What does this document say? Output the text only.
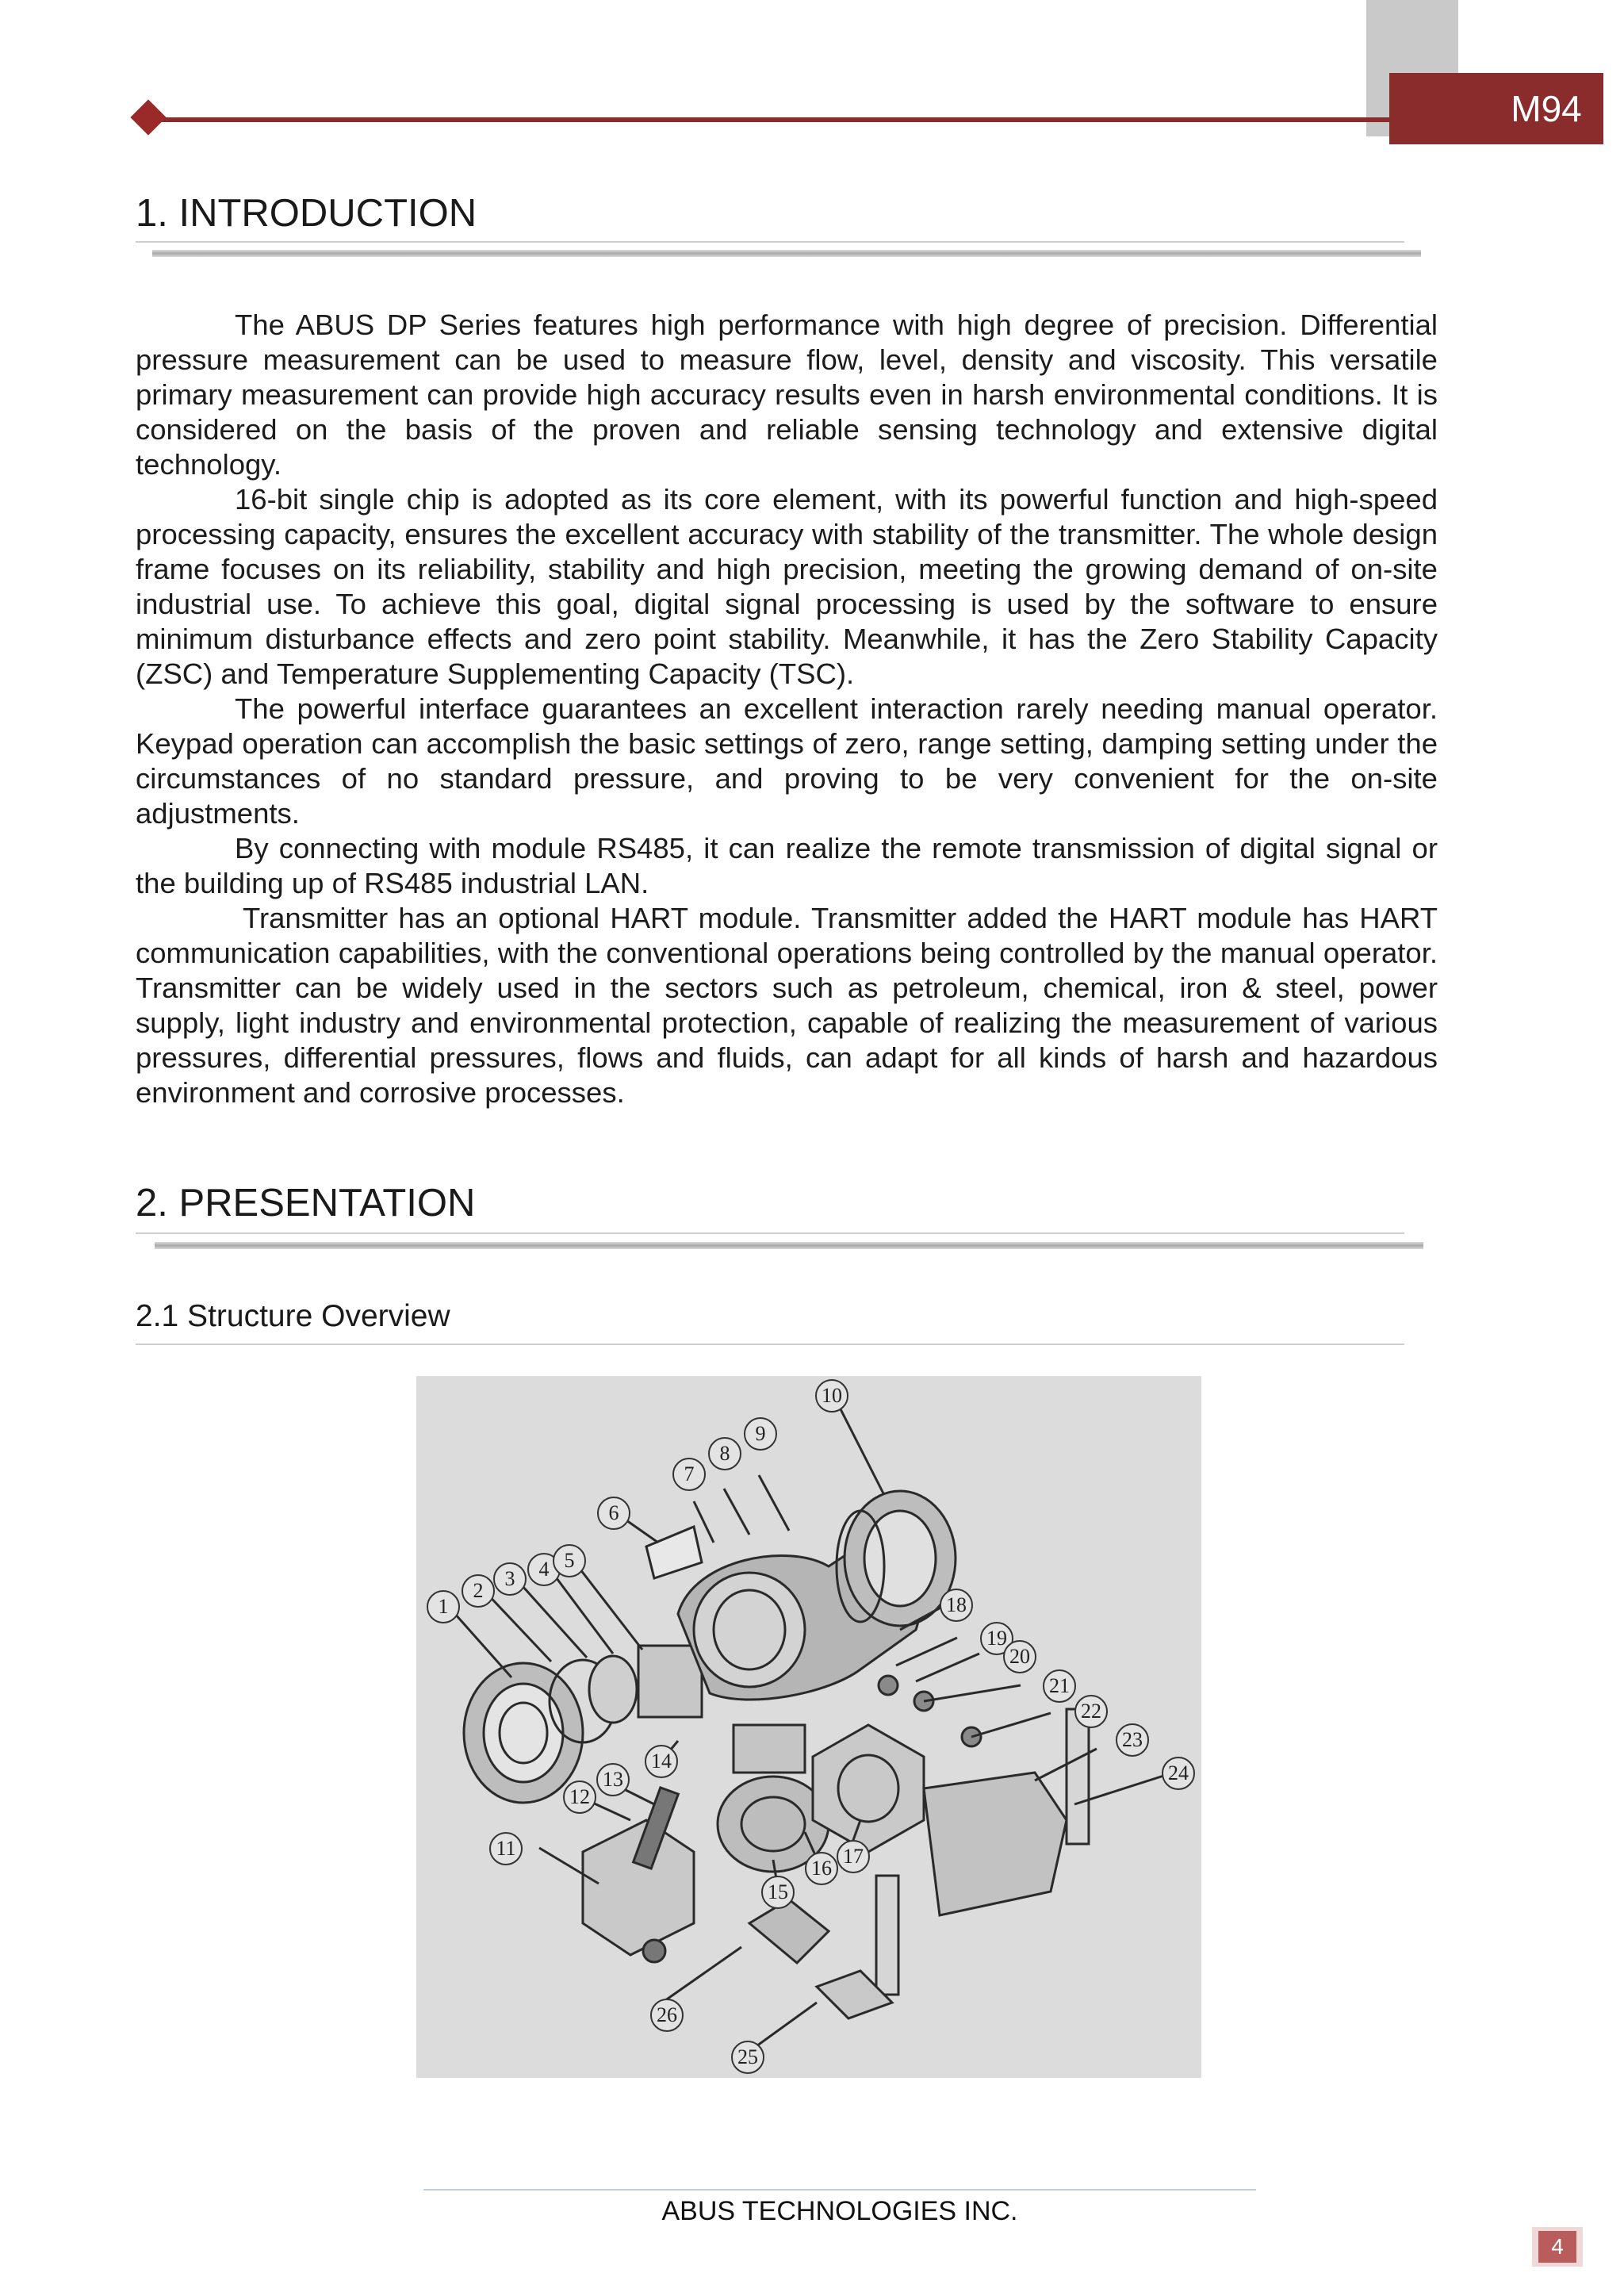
M94
1. INTRODUCTION

The ABUS DP Series features high performance with high degree of precision. Differential pressure measurement can be used to measure flow, level, density and viscosity. This versatile primary measurement can provide high accuracy results even in harsh environmental conditions. It is considered on the basis of the proven and reliable sensing technology and extensive digital technology.

16-bit single chip is adopted as its core element, with its powerful function and high-speed processing capacity, ensures the excellent accuracy with stability of the transmitter. The whole design frame focuses on its reliability, stability and high precision, meeting the growing demand of on-site industrial use. To achieve this goal, digital signal processing is used by the software to ensure minimum disturbance effects and zero point stability. Meanwhile, it has the Zero Stability Capacity (ZSC) and Temperature Supplementing Capacity (TSC).

The powerful interface guarantees an excellent interaction rarely needing manual operator. Keypad operation can accomplish the basic settings of zero, range setting, damping setting under the circumstances of no standard pressure, and proving to be very convenient for the on-site adjustments.

By connecting with module RS485, it can realize the remote transmission of digital signal or the building up of RS485 industrial LAN.

Transmitter has an optional HART module. Transmitter added the HART module has HART communication capabilities, with the conventional operations being controlled by the manual operator. Transmitter can be widely used in the sectors such as petroleum, chemical, iron & steel, power supply, light industry and environmental protection, capable of realizing the measurement of various pressures, differential pressures, flows and fluids, can adapt for all kinds of harsh and hazardous environment and corrosive processes.

2. PRESENTATION
2.1 Structure Overview
1
2
3	4 5
6
7
8
9
10
11
12
13
14
15
16
17
18
19
20
21
22
23
24
25
26
ABUS TECHNOLOGIES INC.
4
